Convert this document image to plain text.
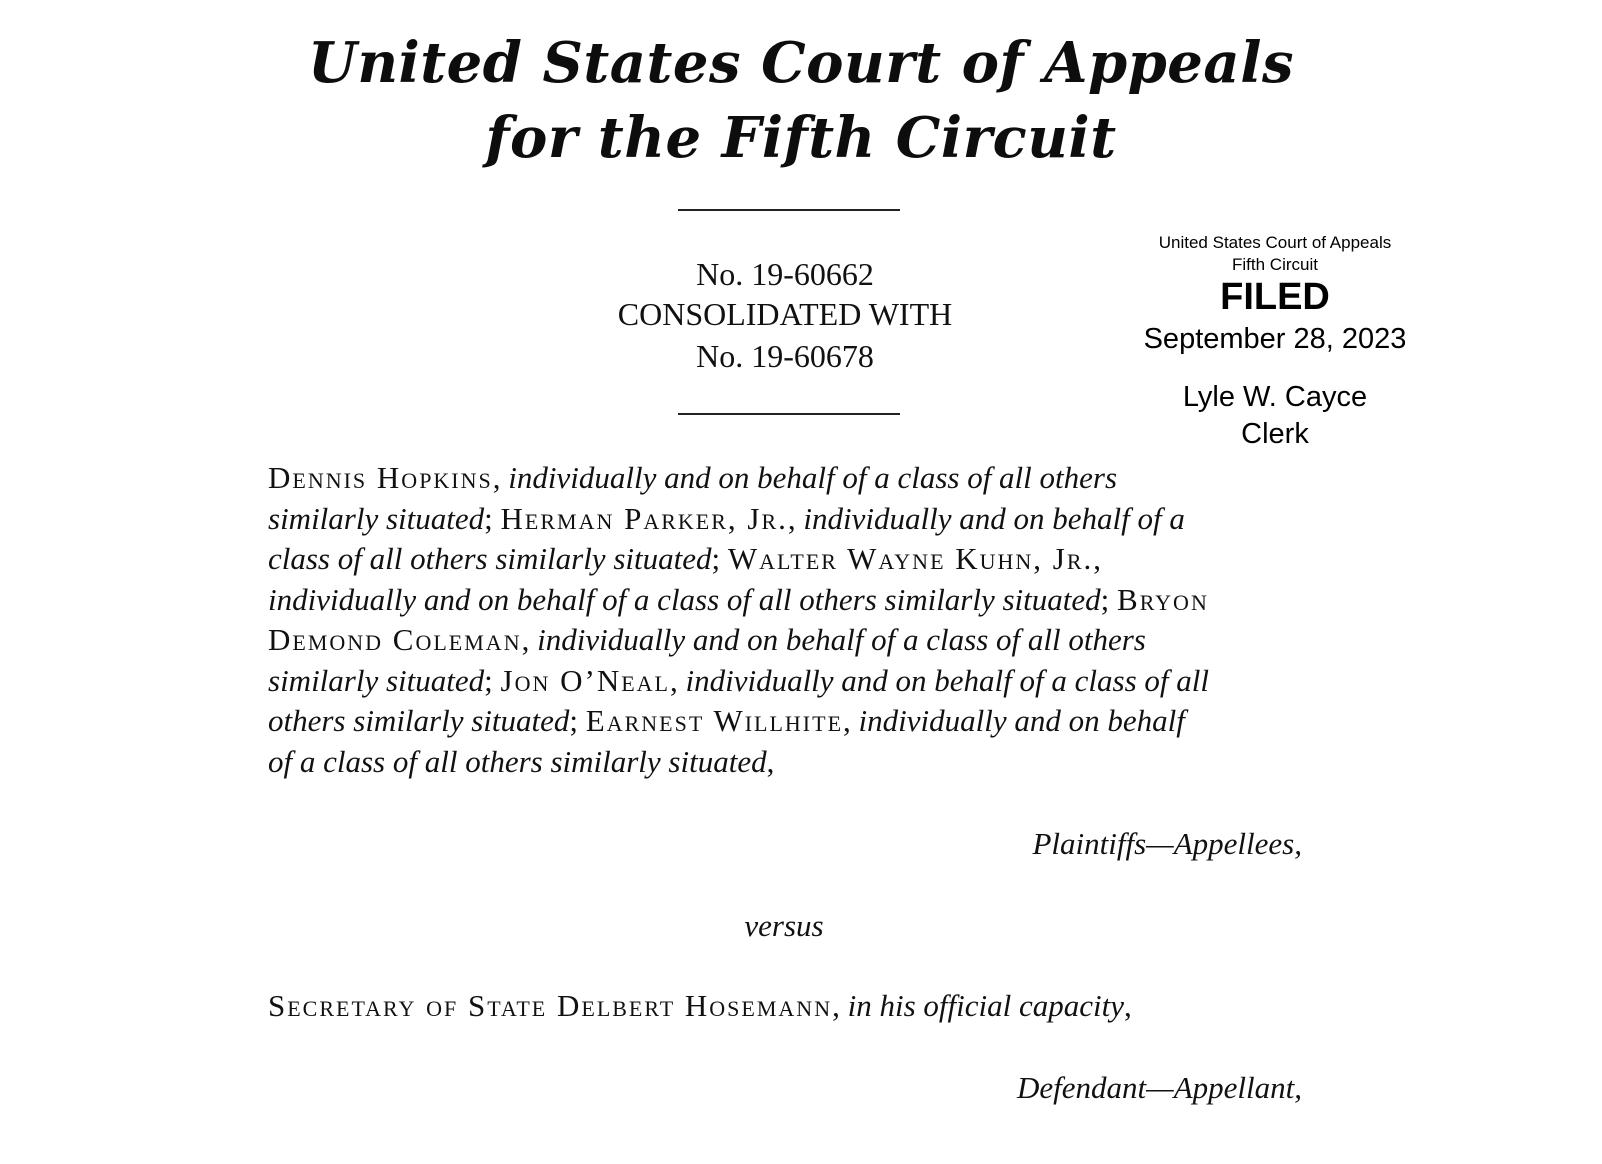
United States Court of Appeals
for the Fifth Circuit
No. 19-60662
CONSOLIDATED WITH
No. 19-60678
United States Court of Appeals
Fifth Circuit
FILED
September 28, 2023
Lyle W. Cayce
Clerk
Dennis Hopkins, individually and on behalf of a class of all others
similarly situated; Herman Parker, Jr., individually and on behalf of a
class of all others similarly situated; Walter Wayne Kuhn, Jr.,
individually and on behalf of a class of all others similarly situated; Bryon
Demond Coleman, individually and on behalf of a class of all others
similarly situated; Jon O’Neal, individually and on behalf of a class of all
others similarly situated; Earnest Willhite, individually and on behalf
of a class of all others similarly situated,
Plaintiffs—Appellees,
versus
Secretary of State Delbert Hosemann, in his official capacity,
Defendant—Appellant,
